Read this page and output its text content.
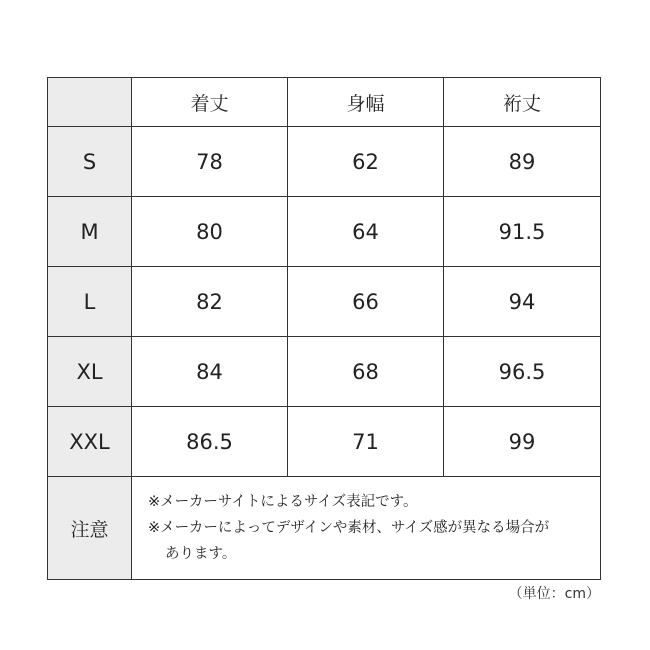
	着丈	身幅	裄丈
S	78	62	89
M	80	64	91.5
L	82	66	94
XL	84	68	96.5
XXL	86.5	71	99
注意	※メーカーサイトによるサイズ表記です。
※メーカーによってデザインや素材、サイズ感が異なる場合が
あります。		
（単位：cm）
